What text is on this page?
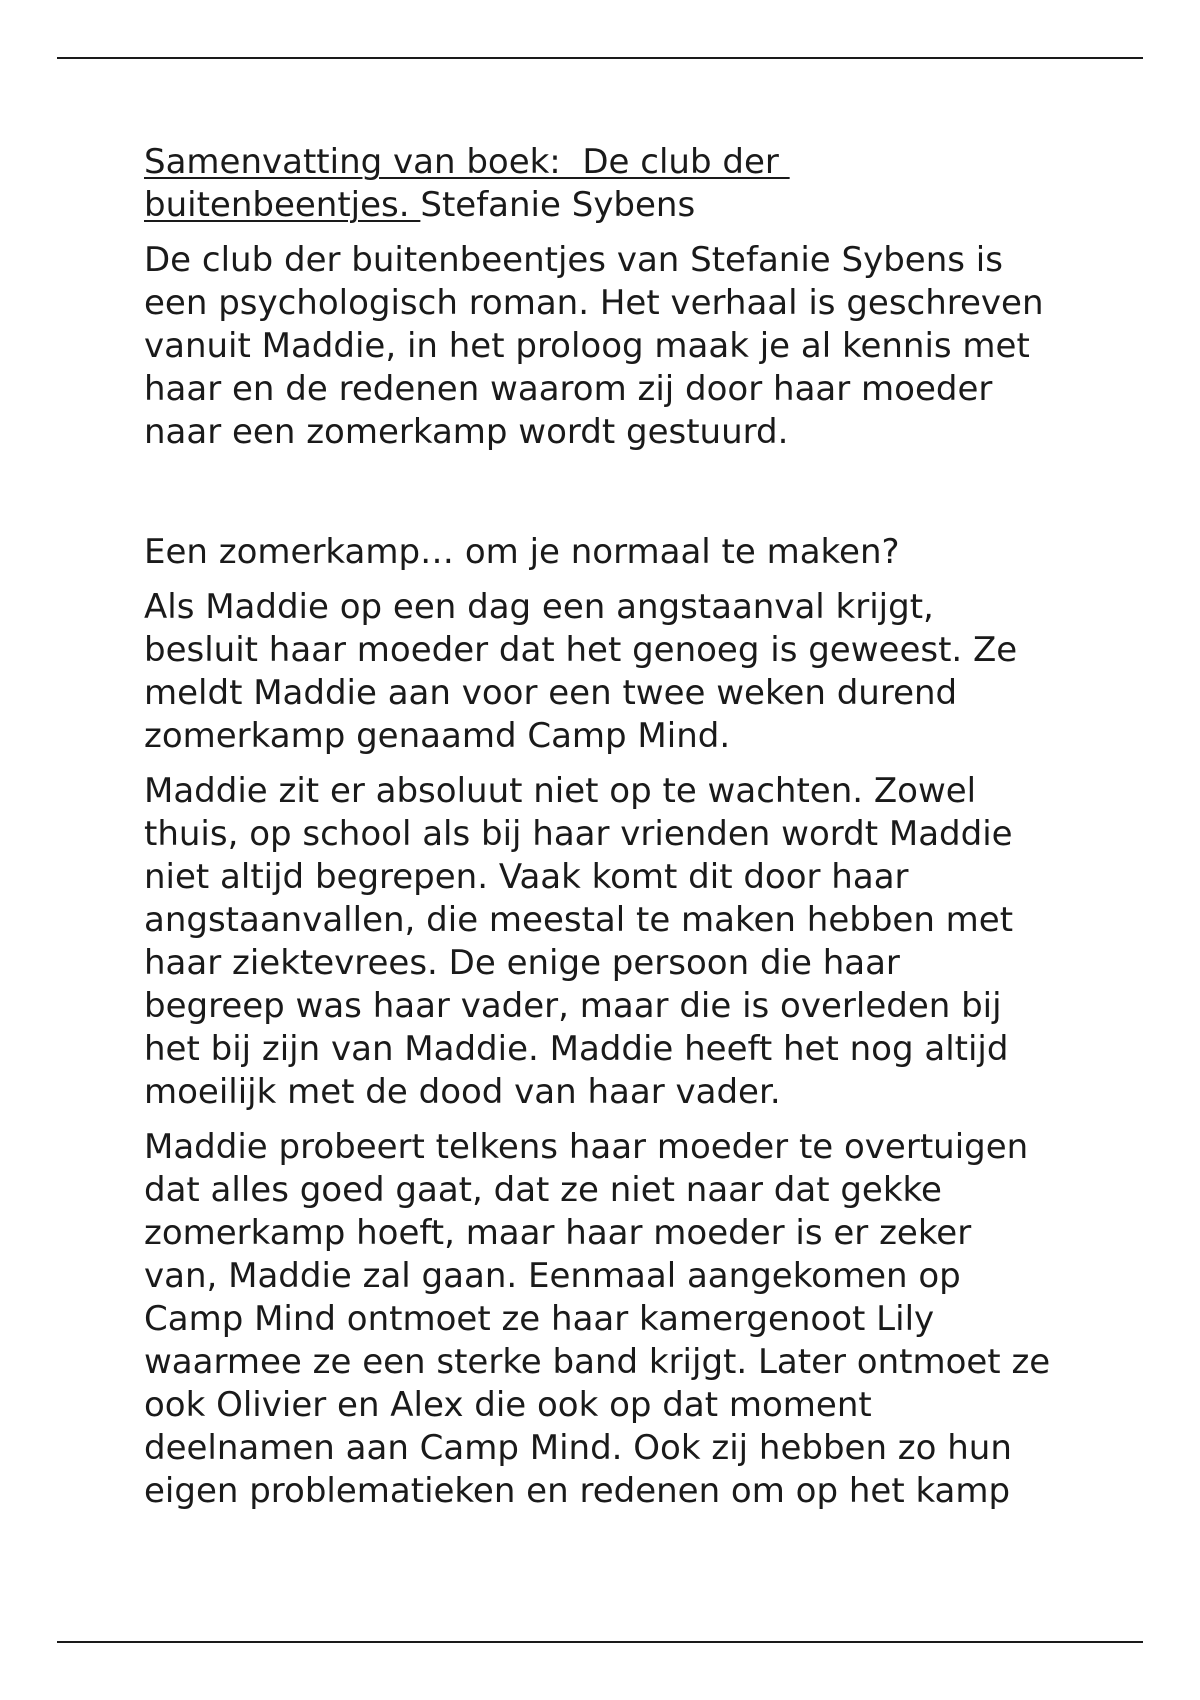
Samenvatting van boek:  De club der
buitenbeentjes. Stefanie Sybens

De club der buitenbeentjes van Stefanie Sybens is
een psychologisch roman. Het verhaal is geschreven
vanuit Maddie, in het proloog maak je al kennis met
haar en de redenen waarom zij door haar moeder
naar een zomerkamp wordt gestuurd.

Een zomerkamp… om je normaal te maken?

Als Maddie op een dag een angstaanval krijgt,
besluit haar moeder dat het genoeg is geweest. Ze
meldt Maddie aan voor een twee weken durend
zomerkamp genaamd Camp Mind.

Maddie zit er absoluut niet op te wachten. Zowel
thuis, op school als bij haar vrienden wordt Maddie
niet altijd begrepen. Vaak komt dit door haar
angstaanvallen, die meestal te maken hebben met
haar ziektevrees. De enige persoon die haar
begreep was haar vader, maar die is overleden bij
het bij zijn van Maddie. Maddie heeft het nog altijd
moeilijk met de dood van haar vader.

Maddie probeert telkens haar moeder te overtuigen
dat alles goed gaat, dat ze niet naar dat gekke
zomerkamp hoeft, maar haar moeder is er zeker
van, Maddie zal gaan. Eenmaal aangekomen op
Camp Mind ontmoet ze haar kamergenoot Lily
waarmee ze een sterke band krijgt. Later ontmoet ze
ook Olivier en Alex die ook op dat moment
deelnamen aan Camp Mind. Ook zij hebben zo hun
eigen problematieken en redenen om op het kamp
